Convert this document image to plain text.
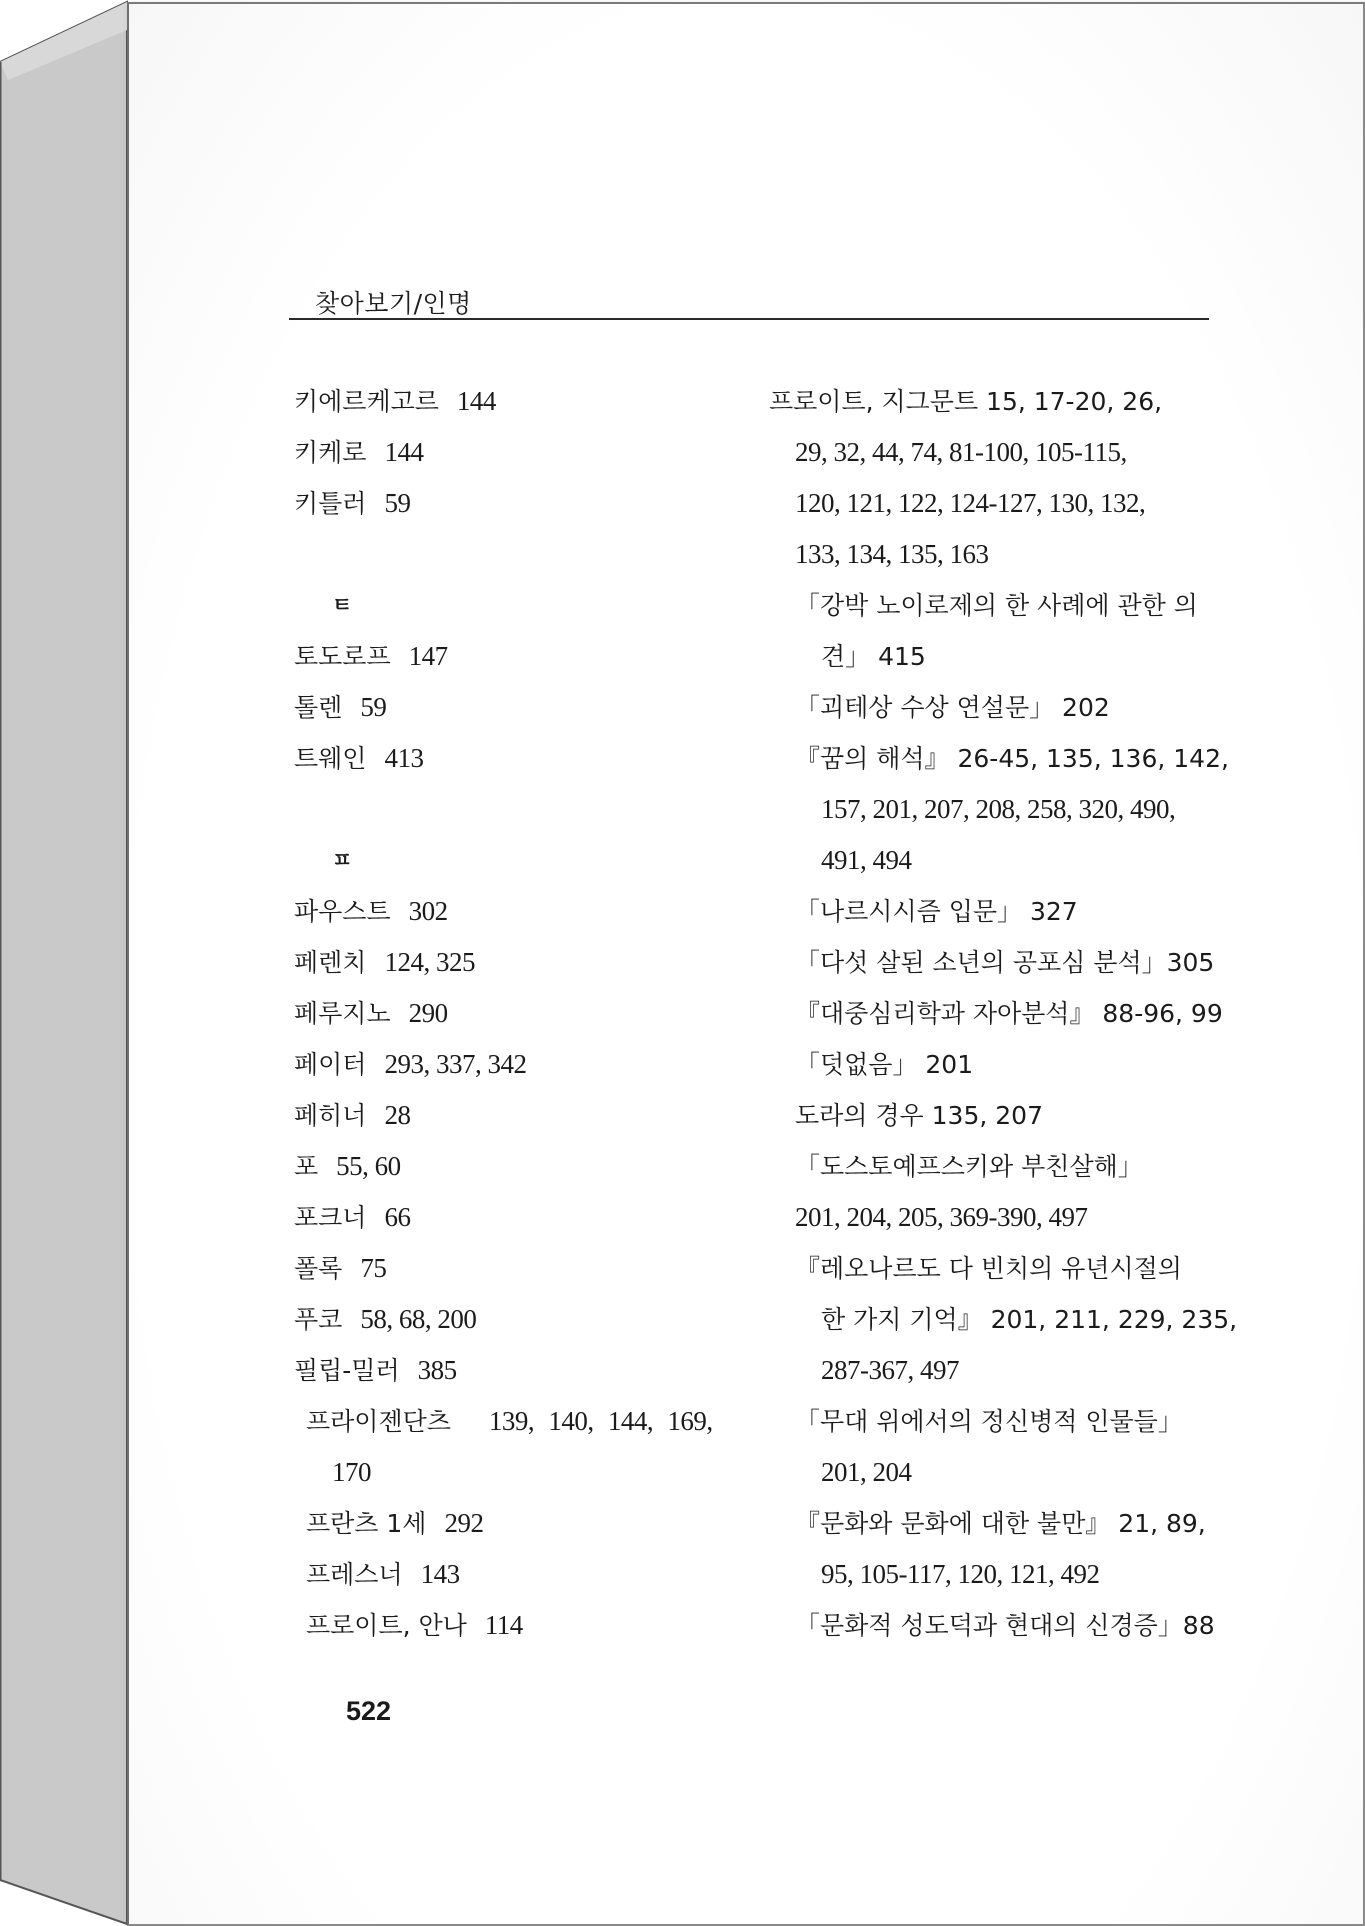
찾아보기/인명
키에르케고르 144
키케로 144
키틀러 59
ㅌ
토도로프 147
톨렌 59
트웨인 413
ㅍ
파우스트 302
페렌치 124, 325
페루지노 290
페이터 293, 337, 342
페히너 28
포 55, 60
포크너 66
폴록 75
푸코 58, 68, 200
필립-밀러 385
프라이젠단츠 139, 140, 144, 169,
170
프란츠 1세 292
프레스너 143
프로이트, 안나 114
프로이트, 지그문트 15, 17-20, 26,
29, 32, 44, 74, 81-100, 105-115,
120, 121, 122, 124-127, 130, 132,
133, 134, 135, 163
「강박 노이로제의 한 사례에 관한 의
견」 415
「괴테상 수상 연설문」 202
『꿈의 해석』 26-45, 135, 136, 142,
157, 201, 207, 208, 258, 320, 490,
491, 494
「나르시시즘 입문」 327
「다섯 살된 소년의 공포심 분석」305
『대중심리학과 자아분석』 88-96, 99
「덧없음」 201
도라의 경우 135, 207
「도스토예프스키와 부친살해」
201, 204, 205, 369-390, 497
『레오나르도 다 빈치의 유년시절의
한 가지 기억』 201, 211, 229, 235,
287-367, 497
「무대 위에서의 정신병적 인물들」
201, 204
『문화와 문화에 대한 불만』 21, 89,
95, 105-117, 120, 121, 492
「문화적 성도덕과 현대의 신경증」88
522
